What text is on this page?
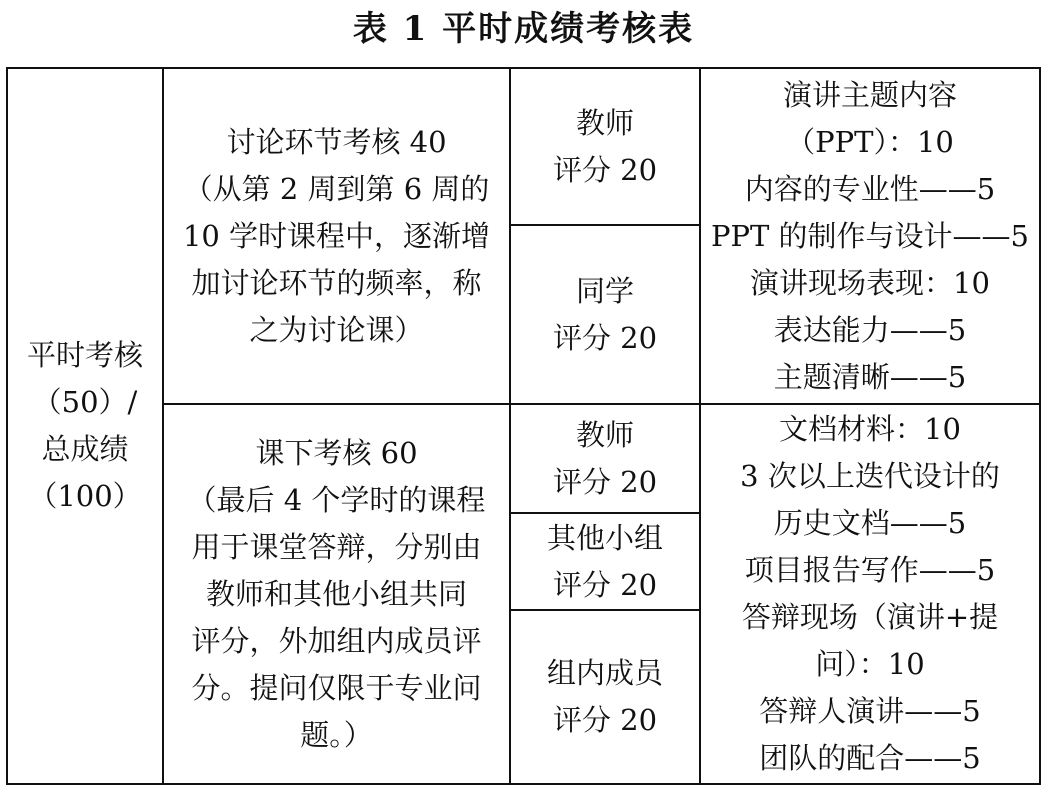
表 1 平时成绩考核表
平时考核
（50）/
总成绩
（100）
讨论环节考核 40
（从第 2 周到第 6 周的
10 学时课程中，逐渐增
加讨论环节的频率，称
之为讨论课）
教师
评分 20
同学
评分 20
演讲主题内容
（PPT）：10
内容的专业性——5
PPT 的制作与设计——5
演讲现场表现：10
表达能力——5
主题清晰——5
课下考核 60
（最后 4 个学时的课程
用于课堂答辩，分别由
教师和其他小组共同
评分，外加组内成员评
分。提问仅限于专业问
题。）
教师
评分 20
其他小组
评分 20
组内成员
评分 20
文档材料：10
3 次以上迭代设计的
历史文档——5
项目报告写作——5
答辩现场（演讲+提
问）：10
答辩人演讲——5
团队的配合——5
